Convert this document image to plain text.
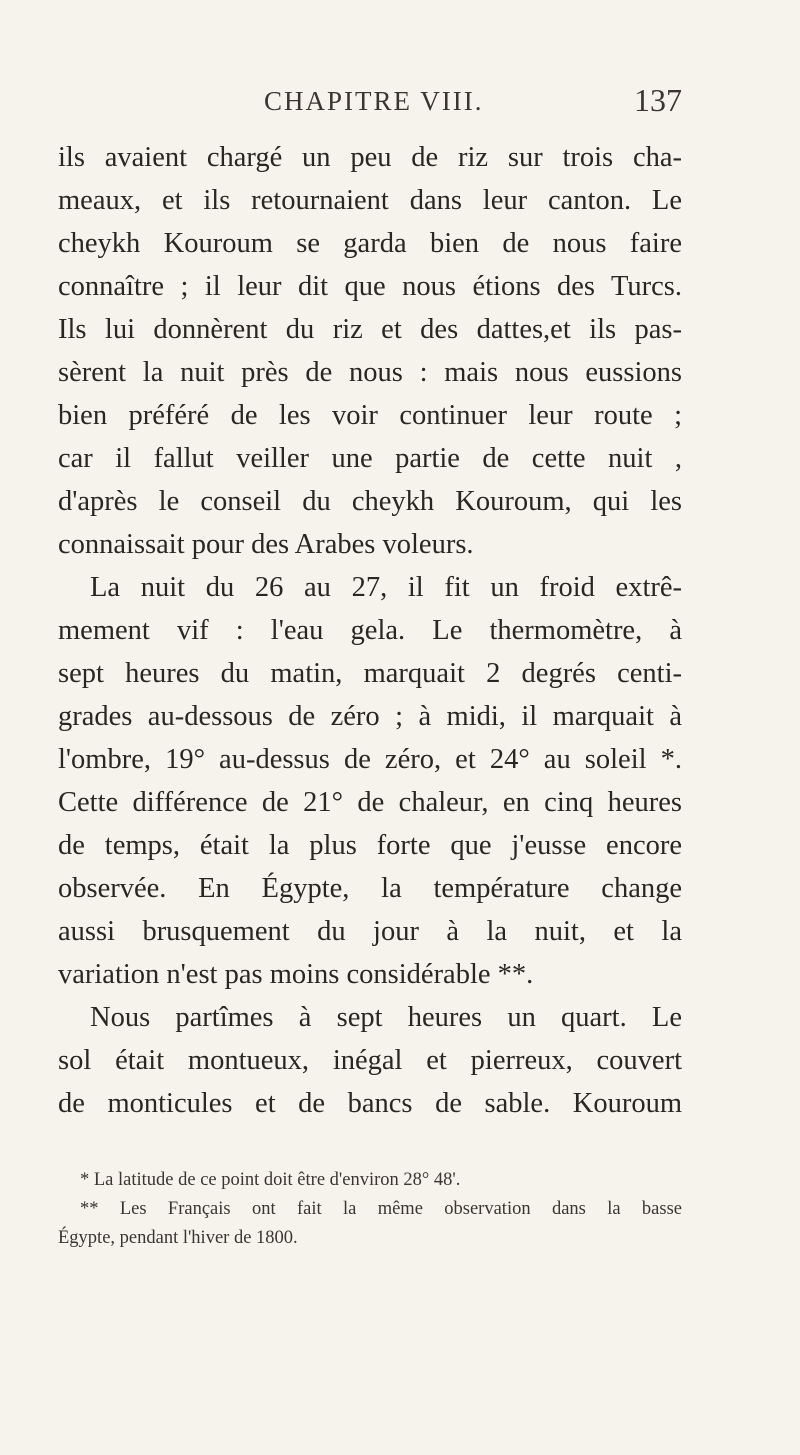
CHAPITRE VIII.	137
ils avaient chargé un peu de riz sur trois cha-
meaux, et ils retournaient dans leur canton. Le
cheykh Kouroum se garda bien de nous faire
connaître ; il leur dit que nous étions des Turcs.
Ils lui donnèrent du riz et des dattes,et ils pas-
sèrent la nuit près de nous : mais nous eussions
bien préféré de les voir continuer leur route ;
car il fallut veiller une partie de cette nuit ,
d'après le conseil du cheykh Kouroum, qui les
connaissait pour des Arabes voleurs.
La nuit du 26 au 27, il fit un froid extrê-
mement vif : l'eau gela. Le thermomètre, à
sept heures du matin, marquait 2 degrés centi-
grades au-dessous de zéro ; à midi, il marquait à
l'ombre, 19° au-dessus de zéro, et 24° au soleil *.
Cette différence de 21° de chaleur, en cinq heures
de temps, était la plus forte que j'eusse encore
observée. En Égypte, la température change
aussi brusquement du jour à la nuit, et la
variation n'est pas moins considérable **.
Nous partîmes à sept heures un quart. Le
sol était montueux, inégal et pierreux, couvert
de monticules et de bancs de sable. Kouroum
* La latitude de ce point doit être d'environ 28° 48'.
** Les Français ont fait la même observation dans la basse
Égypte, pendant l'hiver de 1800.
